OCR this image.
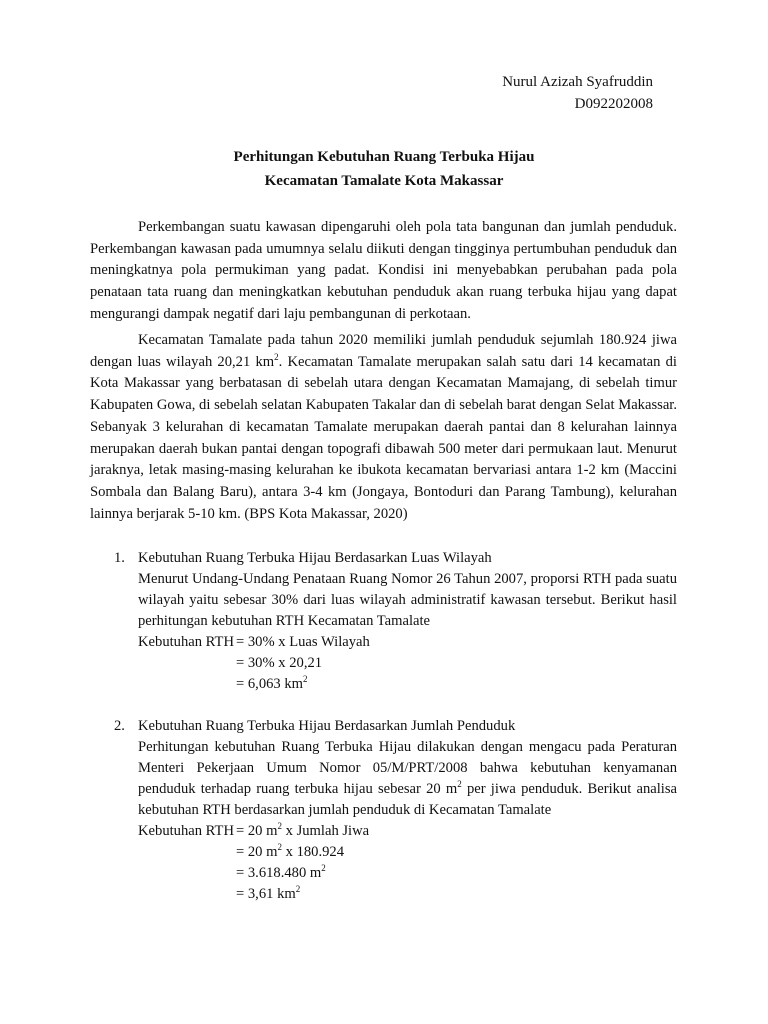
Nurul Azizah Syafruddin
D092202008
Perhitungan Kebutuhan Ruang Terbuka Hijau
Kecamatan Tamalate Kota Makassar

Perkembangan suatu kawasan dipengaruhi oleh pola tata bangunan dan jumlah penduduk. Perkembangan kawasan pada umumnya selalu diikuti dengan tingginya pertumbuhan penduduk dan meningkatnya pola permukiman yang padat. Kondisi ini menyebabkan perubahan pada pola penataan tata ruang dan meningkatkan kebutuhan penduduk akan ruang terbuka hijau yang dapat mengurangi dampak negatif dari laju pembangunan di perkotaan.

Kecamatan Tamalate pada tahun 2020 memiliki jumlah penduduk sejumlah 180.924 jiwa dengan luas wilayah 20,21 $km^2$. Kecamatan Tamalate merupakan salah satu dari 14 kecamatan di Kota Makassar yang berbatasan di sebelah utara dengan Kecamatan Mamajang, di sebelah timur Kabupaten Gowa, di sebelah selatan Kabupaten Takalar dan di sebelah barat dengan Selat Makassar. Sebanyak 3 kelurahan di kecamatan Tamalate merupakan daerah pantai dan 8 kelurahan lainnya merupakan daerah bukan pantai dengan topografi dibawah 500 meter dari permukaan laut. Menurut jaraknya, letak masing-masing kelurahan ke ibukota kecamatan bervariasi antara 1-2 km (Maccini Sombala dan Balang Baru), antara 3-4 km (Jongaya, Bontoduri dan Parang Tambung), kelurahan lainnya berjarak 5-10 km. (BPS Kota Makassar, 2020)

1. Kebutuhan Ruang Terbuka Hijau Berdasarkan Luas Wilayah
Menurut Undang-Undang Penataan Ruang Nomor 26 Tahun 2007, proporsi RTH pada suatu wilayah yaitu sebesar 30% dari luas wilayah administratif kawasan tersebut. Berikut hasil perhitungan kebutuhan RTH Kecamatan Tamalate
Kebutuhan RTH = 30% x Luas Wilayah
= 30% x 20,21
= 6,063 $km^2$
2. Kebutuhan Ruang Terbuka Hijau Berdasarkan Jumlah Penduduk
Perhitungan kebutuhan Ruang Terbuka Hijau dilakukan dengan mengacu pada Peraturan Menteri Pekerjaan Umum Nomor 05/M/PRT/2008 bahwa kebutuhan kenyamanan penduduk terhadap ruang terbuka hijau sebesar 20 $m^2$ per jiwa penduduk. Berikut analisa kebutuhan RTH berdasarkan jumlah penduduk di Kecamatan Tamalate
Kebutuhan RTH = 20 $m^2$ x Jumlah Jiwa
= 20 $m^2$ x 180.924
= 3.618.480 $m^2$
= 3,61 $km^2$
